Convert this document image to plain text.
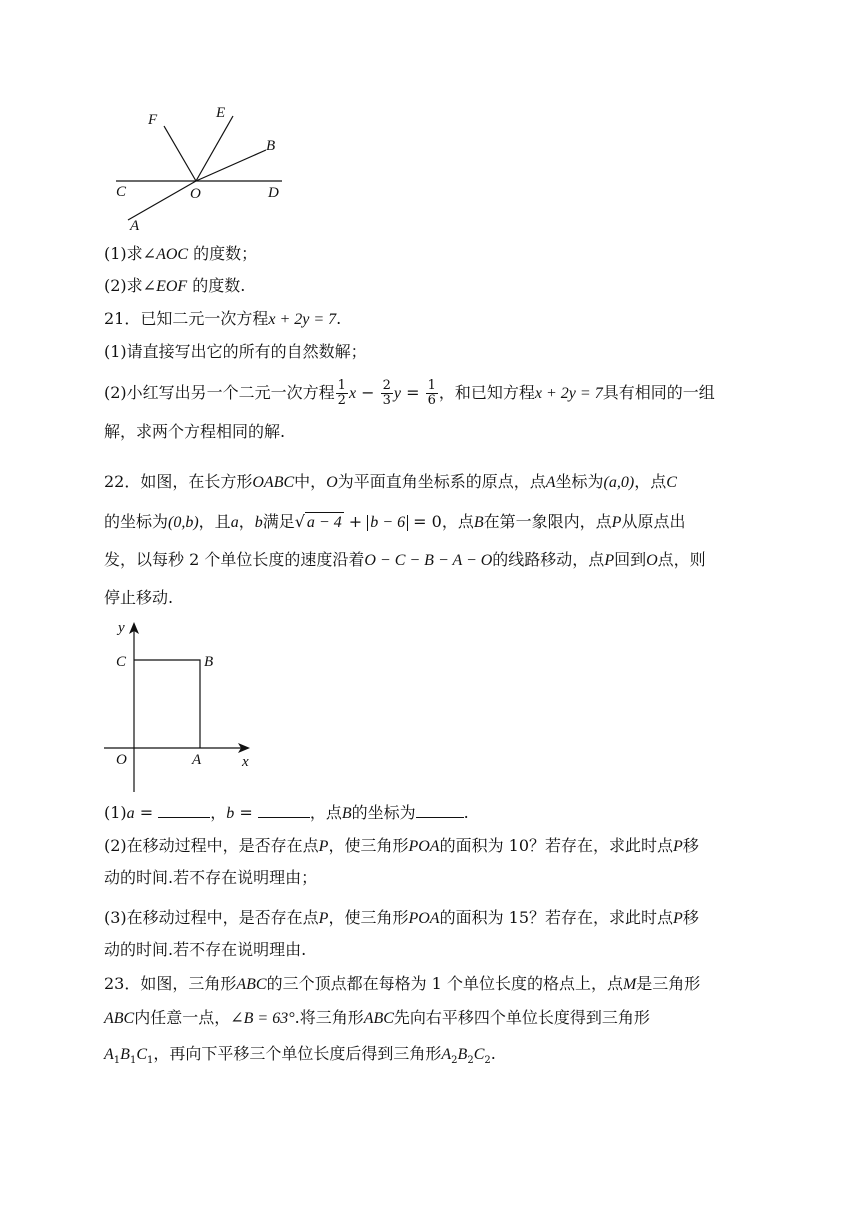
F	E
B
C	O	D
A
(1)求∠AOC 的度数；
(2)求∠EOF 的度数.
21．已知二元一次方程x + 2y = 7.
(1)请直接写出它的所有的自然数解；
(2)小红写出另一个二元一次方程 $\frac{1}{2}$ $x - \frac{2}{3}$ $y = \frac{1}{6}$ ，和已知方程x + 2y = 7具有相同的一组
解，求两个方程相同的解.
22．如图，在长方形OABC中，O为平面直角坐标系的原点，点A坐标为(a,0)，点C
的坐标为(0,b)，且a，b满足√ a − 4 + b − 6 = 0，点B在第一象限内，点P从原点出
发，以每秒 2 个单位长度的速度沿着O − C − B − A − O的线路移动，点P回到O点，则
停止移动.
y
C	B
O	A	x
(1)a =	，b =	，点B的坐标为	.
(2)在移动过程中，是否存在点P，使三角形POA的面积为 10？若存在，求此时点P移
动的时间.若不存在说明理由；
(3)在移动过程中，是否存在点P，使三角形POA的面积为 15？若存在，求此时点P移
动的时间.若不存在说明理由.
23．如图，三角形ABC的三个顶点都在每格为 1 个单位长度的格点上，点M是三角形
ABC内任意一点，∠B = 63°.将三角形ABC先向右平移四个单位长度得到三角形
$A_1B_1C_1$，再向下平移三个单位长度后得到三角形$A_2B_2C_2$.
